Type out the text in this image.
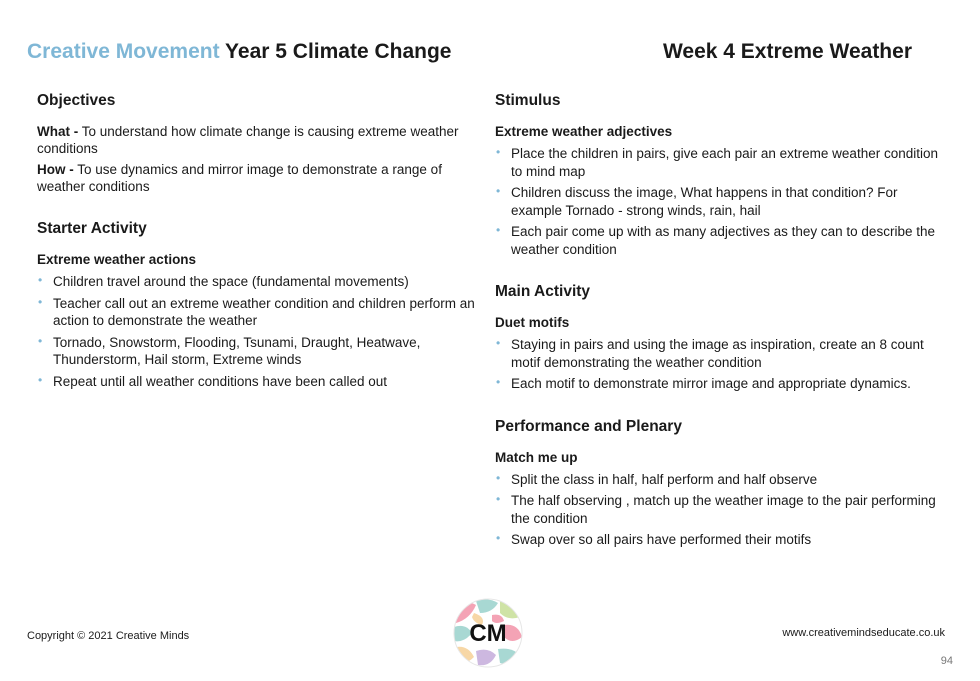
Creative Movement Year 5 Climate Change	Week 4 Extreme Weather
Objectives

What - To understand how climate change is causing extreme weather conditions

How - To use dynamics and mirror image to demonstrate a range of weather conditions

Starter Activity
Extreme weather actions
• Children travel around the space (fundamental movements)
• Teacher call out an extreme weather condition and children perform an action to demonstrate the weather
• Tornado, Snowstorm, Flooding, Tsunami, Draught, Heatwave, Thunderstorm, Hail storm, Extreme winds
• Repeat until all weather conditions have been called out
Stimulus
Extreme weather adjectives
• Place the children in pairs, give each pair an extreme weather condition to mind map
• Children discuss the image, What happens in that condition? For example Tornado - strong winds, rain, hail
• Each pair come up with as many adjectives as they can to describe the weather condition
Main Activity
Duet motifs
• Staying in pairs and using the image as inspiration, create an 8 count motif demonstrating the weather condition
• Each motif to demonstrate mirror image and appropriate dynamics.
Performance and Plenary
Match me up
• Split the class in half, half perform and half observe
• The half observing , match up the weather image to the pair performing the condition
• Swap over so all pairs have performed their motifs
Copyright © 2021 Creative Minds	CM	www.creativemindseducate.co.uk
94
